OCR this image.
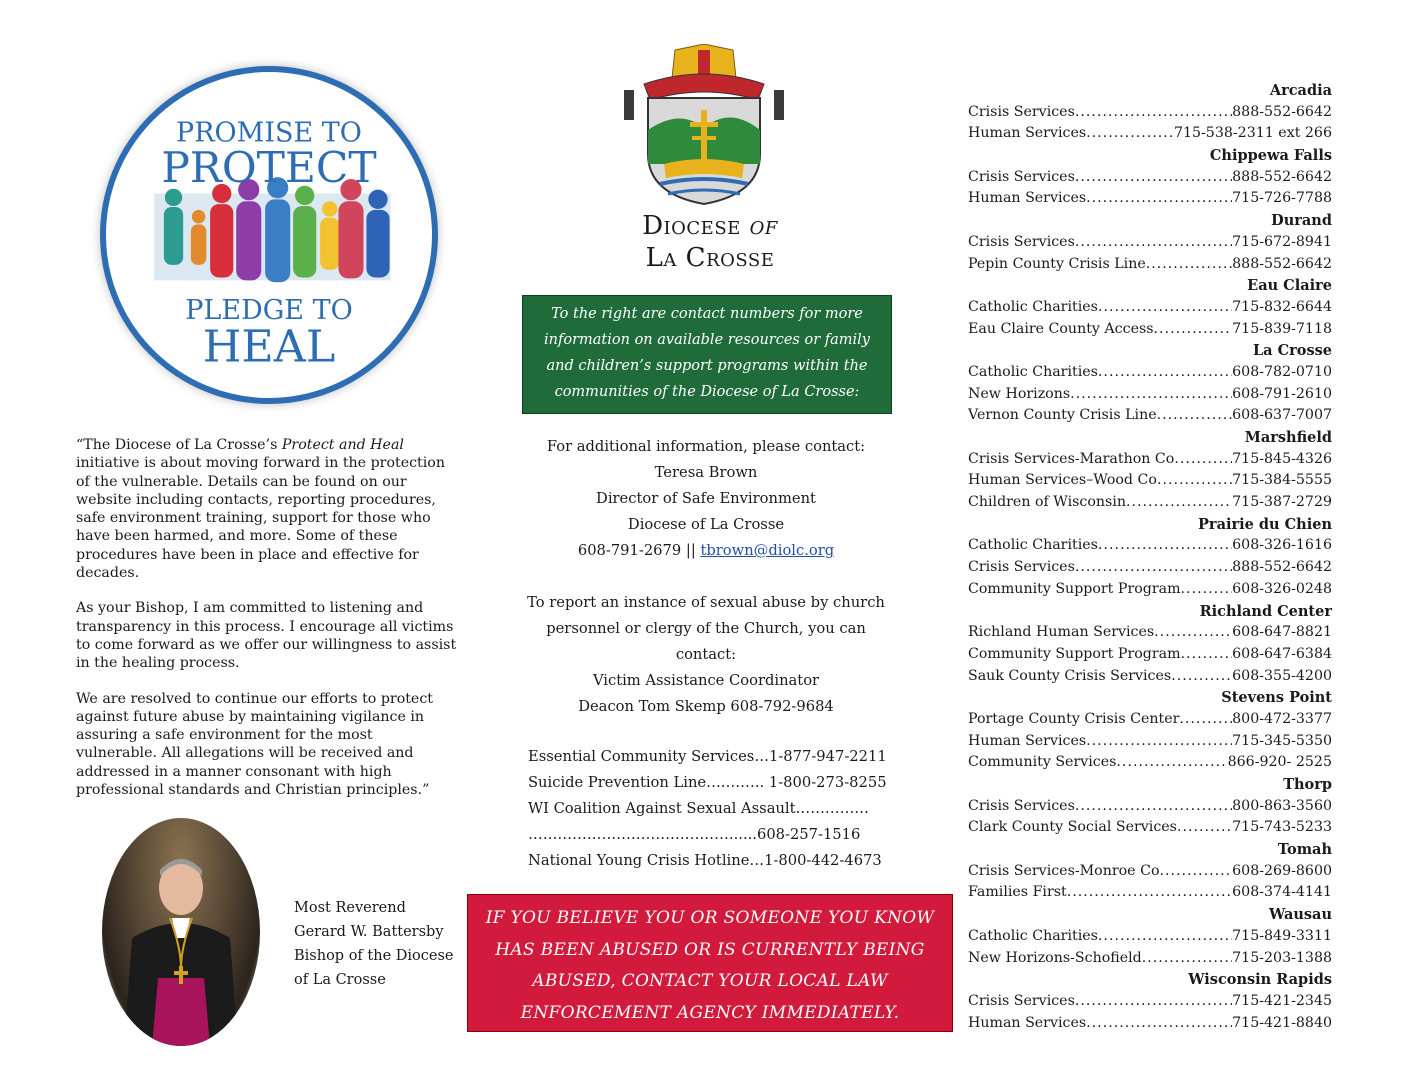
PROMISE TO
PROTECT
PLEDGE TO
HEAL

“The Diocese of La Crosse’s Protect and Heal initiative is about moving forward in the protection of the vulnerable. Details can be found on our website including contacts, reporting procedures, safe environment training, support for those who have been harmed, and more. Some of these procedures have been in place and effective for decades.

As your Bishop, I am committed to listening and transparency in this process. I encourage all victims to come forward as we offer our willingness to assist in the healing process.

We are resolved to continue our efforts to protect against future abuse by maintaining vigilance in assuring a safe environment for the most vulnerable. All allegations will be received and addressed in a manner consonant with high professional standards and Christian principles.”

Most Reverend
Gerard W. Battersby
Bishop of the Diocese
of La Crosse
Diocese of
La Crosse
To the right are contact numbers for more information on available resources or family and children’s support programs within the communities of the Diocese of La Crosse:
For additional information, please contact:
Teresa Brown
Director of Safe Environment
Diocese of La Crosse
608-791-2679 || tbrown@diolc.org
To report an instance of sexual abuse by church personnel or clergy of the Church, you can contact:
Victim Assistance Coordinator
Deacon Tom Skemp 608-792-9684
Essential Community Services…1-877-947-2211
Suicide Prevention Line….…….. 1-800-273-8255
WI Coalition Against Sexual Assault……………
…………………………………….....608-257-1516
National Young Crisis Hotline…1-800-442-4673
IF YOU BELIEVE YOU OR SOMEONE YOU KNOW HAS BEEN ABUSED OR IS CURRENTLY BEING ABUSED, CONTACT YOUR LOCAL LAW ENFORCEMENT AGENCY IMMEDIATELY.
Arcadia
Crisis Services .....	888-552-6642
Human Services .....	715-538-2311 ext 266
Chippewa Falls
Crisis Services .....	888-552-6642
Human Services .....	715-726-7788
Durand
Crisis Services .....	715-672-8941
Pepin County Crisis Line .....	888-552-6642
Eau Claire
Catholic Charities .....	715-832-6644
Eau Claire County Access .....	715-839-7118
La Crosse
Catholic Charities .....	608-782-0710
New Horizons .....	608-791-2610
Vernon County Crisis Line .....	608-637-7007
Marshfield
Crisis Services-Marathon Co .....	715-845-4326
Human Services–Wood Co .....	715-384-5555
Children of Wisconsin .....	715-387-2729
Prairie du Chien
Catholic Charities .....	608-326-1616
Crisis Services .....	888-552-6642
Community Support Program .....	608-326-0248
Richland Center
Richland Human Services .....	608-647-8821
Community Support Program .....	608-647-6384
Sauk County Crisis Services .....	608-355-4200
Stevens Point
Portage County Crisis Center .....	800-472-3377
Human Services .....	715-345-5350
Community Services .....	866-920- 2525
Thorp
Crisis Services .....	800-863-3560
Clark County Social Services .....	715-743-5233
Tomah
Crisis Services-Monroe Co .....	608-269-8600
Families First .....	608-374-4141
Wausau
Catholic Charities .....	715-849-3311
New Horizons-Schofield .....	715-203-1388
Wisconsin Rapids
Crisis Services .....	715-421-2345
Human Services .....	715-421-8840
